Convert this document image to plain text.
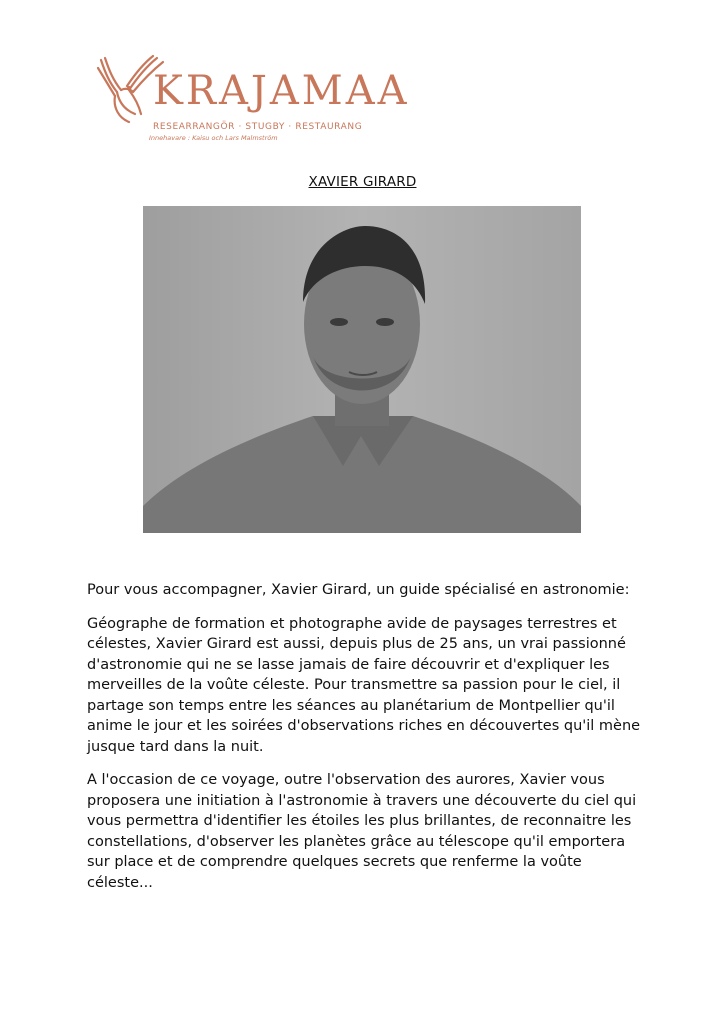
KRAJAMAA
RESEARRANGÖR · STUGBY · RESTAURANG
Innehavare : Kaisu och Lars Malmström
XAVIER GIRARD

Pour vous accompagner, Xavier Girard, un guide spécialisé en astronomie:

Géographe de formation et photographe avide de paysages terrestres et célestes, Xavier Girard est aussi, depuis plus de 25 ans, un vrai passionné d'astronomie qui ne se lasse jamais de faire découvrir et d'expliquer les merveilles de la voûte céleste. Pour transmettre sa passion pour le ciel, il partage son temps entre les séances au planétarium de Montpellier qu'il anime le jour et les soirées d'observations riches en découvertes qu'il mène jusque tard dans la nuit.

A l'occasion de ce voyage, outre l'observation des aurores, Xavier vous proposera une initiation à l'astronomie à travers une découverte du ciel qui vous permettra d'identifier les étoiles les plus brillantes, de reconnaitre les constellations, d'observer les planètes grâce au télescope qu'il emportera sur place et de comprendre quelques secrets que renferme la voûte céleste...
